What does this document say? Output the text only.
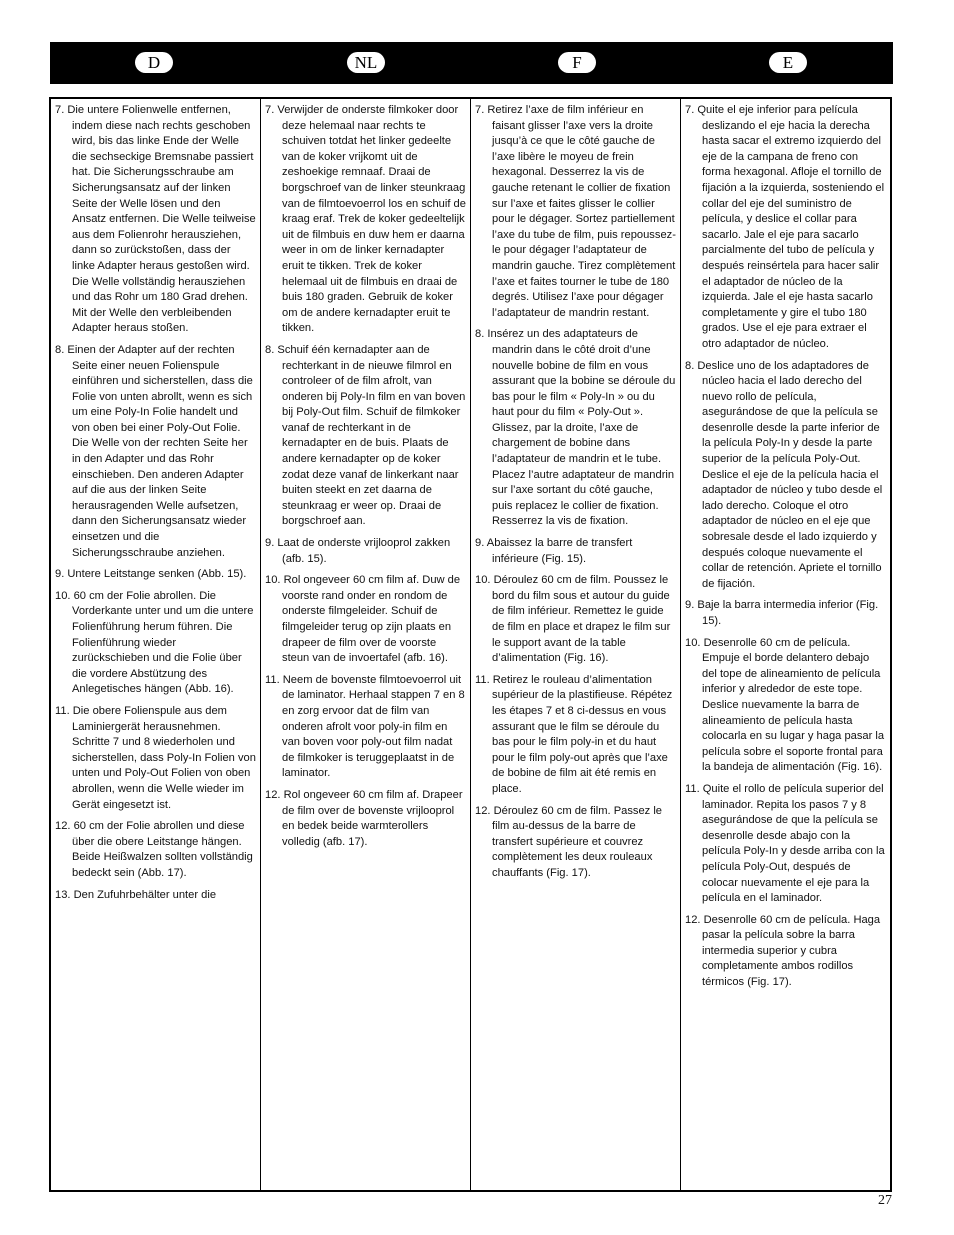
D	NL	F	E

7. Die untere Folienwelle entfernen, indem diese nach rechts geschoben wird, bis das linke Ende der Welle die sechseckige Bremsnabe passiert hat. Die Sicherungsschraube am Sicherungsansatz auf der linken Seite der Welle lösen und den Ansatz entfernen. Die Welle teilweise aus dem Folienrohr herausziehen, dann so zurückstoßen, dass der linke Adapter heraus gestoßen wird. Die Welle vollständig herausziehen und das Rohr um 180 Grad drehen. Mit der Welle den verbleibenden Adapter heraus stoßen.

8. Einen der Adapter auf der rechten Seite einer neuen Folienspule einführen und sicherstellen, dass die Folie von unten abrollt, wenn es sich um eine Poly-In Folie handelt und von oben bei einer Poly-Out Folie. Die Welle von der rechten Seite her in den Adapter und das Rohr einschieben. Den anderen Adapter auf die aus der linken Seite herausragenden Welle aufsetzen, dann den Sicherungsansatz wieder einsetzen und die Sicherungsschraube anziehen.

9. Untere Leitstange senken (Abb. 15).

10. 60 cm der Folie abrollen. Die Vorderkante unter und um die untere Folienführung herum führen. Die Folienführung wieder zurückschieben und die Folie über die vordere Abstützung des Anlegetisches hängen (Abb. 16).

11. Die obere Folienspule aus dem Laminiergerät herausnehmen. Schritte 7 und 8 wiederholen und sicherstellen, dass Poly-In Folien von unten und Poly-Out Folien von oben abrollen, wenn die Welle wieder im Gerät eingesetzt ist.

12. 60 cm der Folie abrollen und diese über die obere Leitstange hängen. Beide Heißwalzen sollten vollständig bedeckt sein (Abb. 17).

13. Den Zufuhrbehälter unter die

7. Verwijder de onderste filmkoker door deze helemaal naar rechts te schuiven totdat het linker gedeelte van de koker vrijkomt uit de zeshoekige remnaaf. Draai de borgschroef van de linker steunkraag van de filmtoevoerrol los en schuif de kraag eraf. Trek de koker gedeeltelijk uit de filmbuis en duw hem er daarna weer in om de linker kernadapter eruit te tikken. Trek de koker helemaal uit de filmbuis en draai de buis 180 graden. Gebruik de koker om de andere kernadapter eruit te tikken.

8. Schuif één kernadapter aan de rechterkant in de nieuwe filmrol en controleer of de film afrolt, van onderen bij Poly-In film en van boven bij Poly-Out film. Schuif de filmkoker vanaf de rechterkant in de kernadapter en de buis. Plaats de andere kernadapter op de koker zodat deze vanaf de linkerkant naar buiten steekt en zet daarna de steunkraag er weer op. Draai de borgschroef aan.

9. Laat de onderste vrijlooprol zakken (afb. 15).

10. Rol ongeveer 60 cm film af. Duw de voorste rand onder en rondom de onderste filmgeleider. Schuif de filmgeleider terug op zijn plaats en drapeer de film over de voorste steun van de invoertafel (afb. 16).

11. Neem de bovenste filmtoevoerrol uit de laminator. Herhaal stappen 7 en 8 en zorg ervoor dat de film van onderen afrolt voor poly-in film en van boven voor poly-out film nadat de filmkoker is teruggeplaatst in de laminator.

12. Rol ongeveer 60 cm film af. Drapeer de film over de bovenste vrijlooprol en bedek beide warmterollers volledig (afb. 17).

7. Retirez l’axe de film inférieur en faisant glisser l’axe vers la droite jusqu’à ce que le côté gauche de l’axe libère le moyeu de frein hexagonal. Desserrez la vis de gauche retenant le collier de fixation sur l’axe et faites glisser le collier pour le dégager. Sortez partiellement l’axe du tube de film, puis repoussez-le pour dégager l’adaptateur de mandrin gauche. Tirez complètement l’axe et faites tourner le tube de 180 degrés. Utilisez l’axe pour dégager l’adaptateur de mandrin restant.

8. Insérez un des adaptateurs de mandrin dans le côté droit d’une nouvelle bobine de film en vous assurant que la bobine se déroule du bas pour le film « Poly-In » ou du haut pour du film « Poly-Out ». Glissez, par la droite, l’axe de chargement de bobine dans l’adaptateur de mandrin et le tube. Placez l’autre adaptateur de mandrin sur l’axe sortant du côté gauche, puis replacez le collier de fixation. Resserrez la vis de fixation.

9. Abaissez la barre de transfert inférieure (Fig. 15).

10. Déroulez 60 cm de film. Poussez le bord du film sous et autour du guide de film inférieur. Remettez le guide de film en place et drapez le film sur le support avant de la table d’alimentation (Fig. 16).

11. Retirez le rouleau d’alimentation supérieur de la plastifieuse. Répétez les étapes 7 et 8 ci-dessus en vous assurant que le film se déroule du bas pour le film poly-in et du haut pour le film poly-out après que l’axe de bobine de film ait été remis en place.

12. Déroulez 60 cm de film. Passez le film au-dessus de la barre de transfert supérieure et couvrez complètement les deux rouleaux chauffants (Fig. 17).

7. Quite el eje inferior para película deslizando el eje hacia la derecha hasta sacar el extremo izquierdo del eje de la campana de freno con forma hexagonal. Afloje el tornillo de fijación a la izquierda, sosteniendo el collar del eje del suministro de película, y deslice el collar para sacarlo. Jale el eje para sacarlo parcialmente del tubo de película y después reinsértela para hacer salir el adaptador de núcleo de la izquierda. Jale el eje hasta sacarlo completamente y gire el tubo 180 grados. Use el eje para extraer el otro adaptador de núcleo.

8. Deslice uno de los adaptadores de núcleo hacia el lado derecho del nuevo rollo de película, asegurándose de que la película se desenrolle desde la parte inferior de la película Poly-In y desde la parte superior de la película Poly-Out. Deslice el eje de la película hacia el adaptador de núcleo y tubo desde el lado derecho. Coloque el otro adaptador de núcleo en el eje que sobresale desde el lado izquierdo y después coloque nuevamente el collar de retención. Apriete el tornillo de fijación.

9. Baje la barra intermedia inferior (Fig. 15).

10. Desenrolle 60 cm de película. Empuje el borde delantero debajo del tope de alineamiento de película inferior y alrededor de este tope. Deslice nuevamente la barra de alineamiento de película hasta colocarla en su lugar y haga pasar la película sobre el soporte frontal para la bandeja de alimentación (Fig. 16).

11. Quite el rollo de película superior del laminador. Repita los pasos 7 y 8 asegurándose de que la película se desenrolle desde abajo con la película Poly-In y desde arriba con la película Poly-Out, después de colocar nuevamente el eje para la película en el laminador.

12. Desenrolle 60 cm de película. Haga pasar la película sobre la barra intermedia superior y cubra completamente ambos rodillos térmicos (Fig. 17).

27
